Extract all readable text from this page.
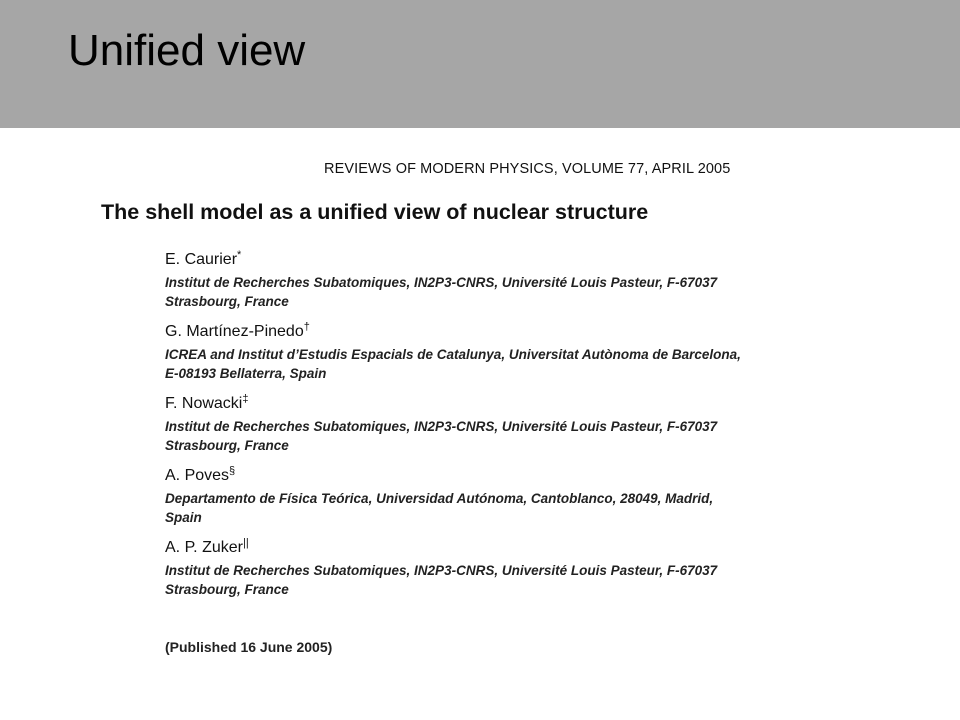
Unified view
REVIEWS OF MODERN PHYSICS, VOLUME 77, APRIL 2005
The shell model as a unified view of nuclear structure
E. Caurier*
Institut de Recherches Subatomiques, IN2P3-CNRS, Université Louis Pasteur, F-67037
Strasbourg, France
G. Martínez-Pinedo†
ICREA and Institut d’Estudis Espacials de Catalunya, Universitat Autònoma de Barcelona,
E-08193 Bellaterra, Spain
F. Nowacki‡
Institut de Recherches Subatomiques, IN2P3-CNRS, Université Louis Pasteur, F-67037
Strasbourg, France
A. Poves§
Departamento de Física Teórica, Universidad Autónoma, Cantoblanco, 28049, Madrid,
Spain
A. P. Zuker||
Institut de Recherches Subatomiques, IN2P3-CNRS, Université Louis Pasteur, F-67037
Strasbourg, France
(Published 16 June 2005)
